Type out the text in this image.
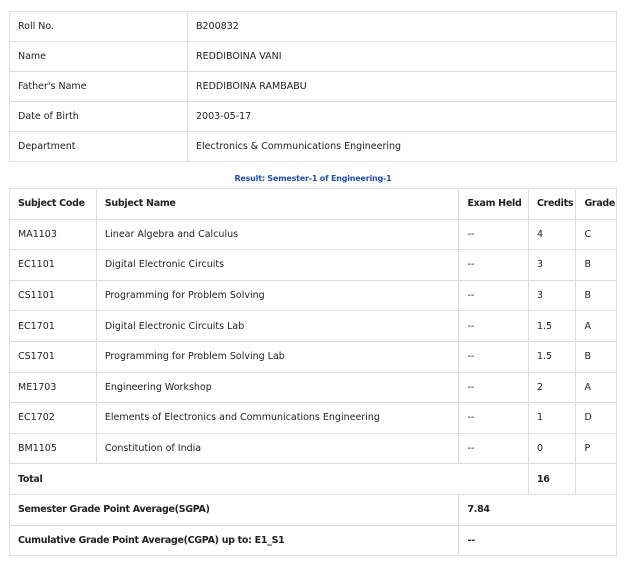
Roll No.	B200832
Name	REDDIBOINA VANI
Father's Name	REDDIBOINA RAMBABU
Date of Birth	2003-05-17
Department	Electronics & Communications Engineering
Result: Semester-1 of Engineering-1
Subject Code	Subject Name	Exam Held	Credits	Grade
MA1103	Linear Algebra and Calculus	--	4	C
EC1101	Digital Electronic Circuits	--	3	B
CS1101	Programming for Problem Solving	--	3	B
EC1701	Digital Electronic Circuits Lab	--	1.5	A
CS1701	Programming for Problem Solving Lab	--	1.5	B
ME1703	Engineering Workshop	--	2	A
EC1702	Elements of Electronics and Communications Engineering	--	1	D
BM1105	Constitution of India	--	0	P
Total			16	
Semester Grade Point Average(SGPA)		7.84		
Cumulative Grade Point Average(CGPA) up to: E1_S1		--		
